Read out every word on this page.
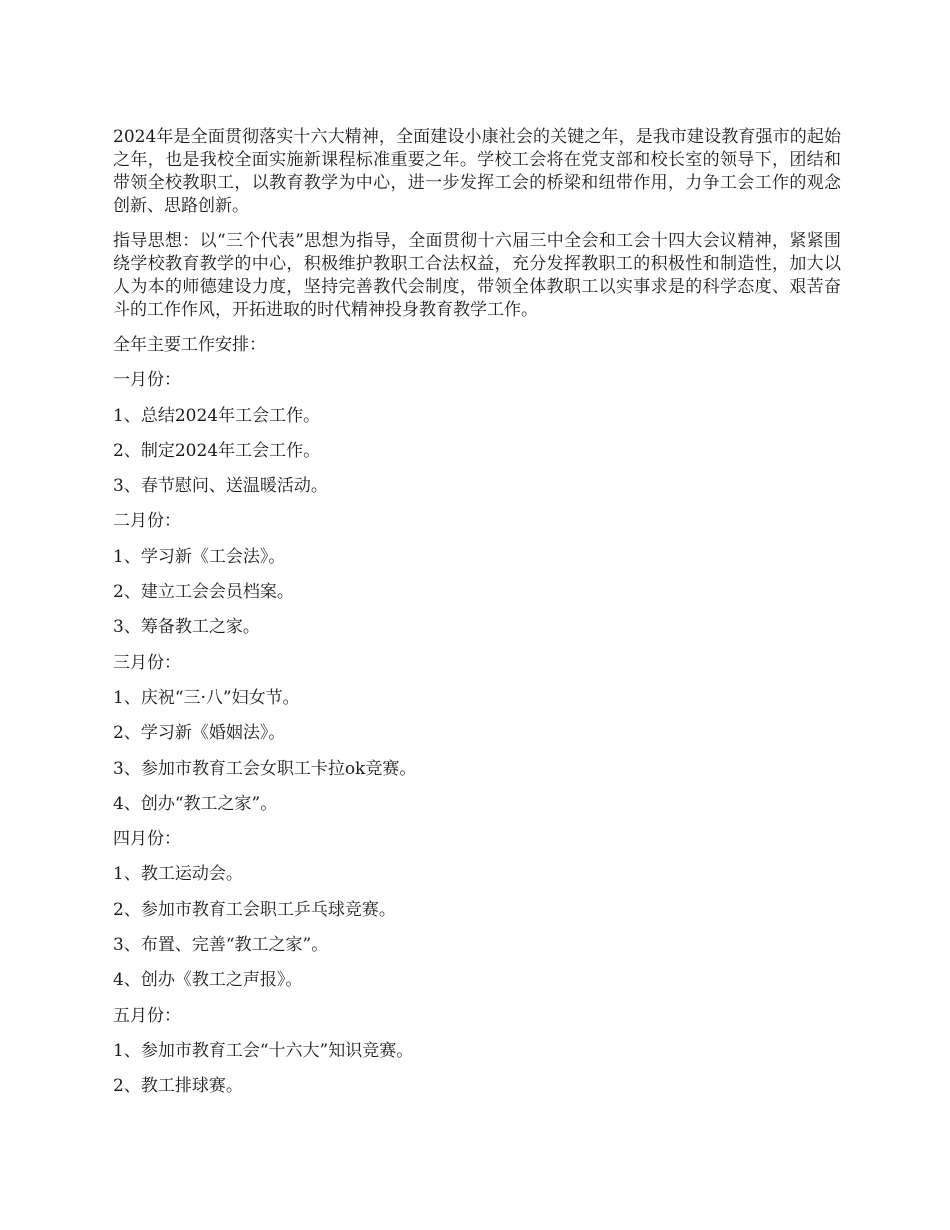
2024年是全面贯彻落实十六大精神，全面建设小康社会的关键之年，是我市建设教育强市的起始之年，也是我校全面实施新课程标准重要之年。学校工会将在党支部和校长室的领导下，团结和带领全校教职工，以教育教学为中心，进一步发挥工会的桥梁和纽带作用，力争工会工作的观念创新、思路创新。

指导思想：以“三个代表”思想为指导，全面贯彻十六届三中全会和工会十四大会议精神，紧紧围绕学校教育教学的中心，积极维护教职工合法权益，充分发挥教职工的积极性和制造性，加大以人为本的师德建设力度，坚持完善教代会制度，带领全体教职工以实事求是的科学态度、艰苦奋斗的工作作风，开拓进取的时代精神投身教育教学工作。

全年主要工作安排：

一月份：

1、总结2024年工会工作。

2、制定2024年工会工作。

3、春节慰问、送温暖活动。

二月份：

1、学习新《工会法》。

2、建立工会会员档案。

3、筹备教工之家。

三月份：

1、庆祝“三·八”妇女节。

2、学习新《婚姻法》。

3、参加市教育工会女职工卡拉ok竞赛。

4、创办“教工之家”。

四月份：

1、教工运动会。

2、参加市教育工会职工乒乓球竞赛。

3、布置、完善“教工之家”。

4、创办《教工之声报》。

五月份：

1、参加市教育工会“十六大”知识竞赛。

2、教工排球赛。
